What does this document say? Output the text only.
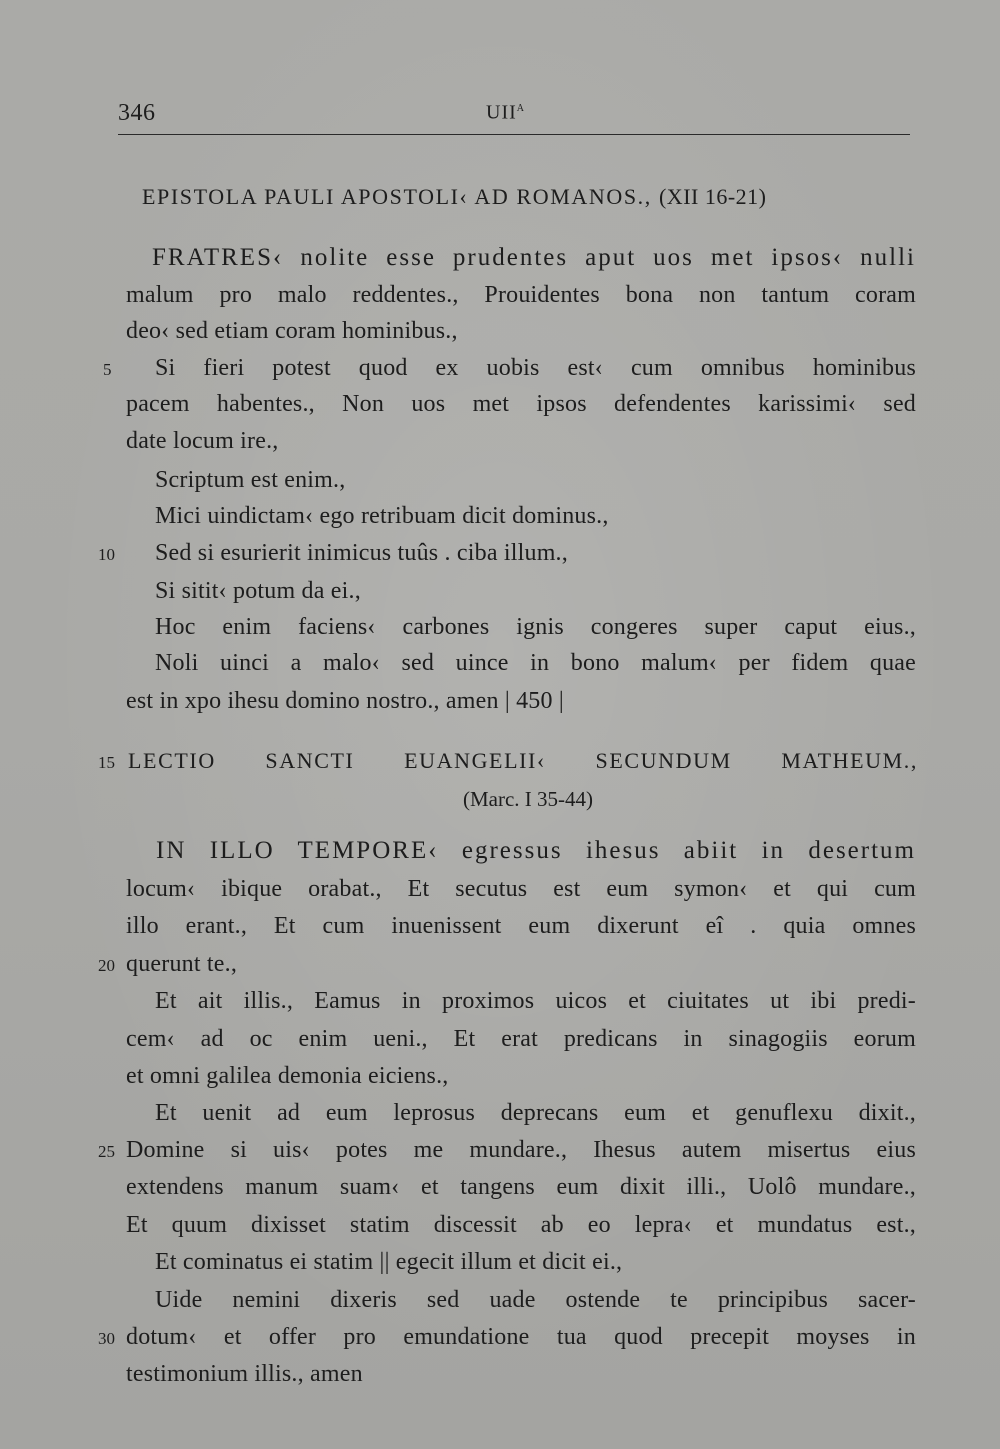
346	UII$^a$
EPISTOLA PAULI APOSTOLI‹ AD ROMANOS., (XII 16-21)
FRATRES‹ nolite esse prudentes aput uos met ipsos‹ nulli
malum pro malo reddentes., Prouidentes bona non tantum coram
deo‹ sed etiam coram hominibus.,
Si fieri potest quod ex uobis est‹ cum omnibus hominibus
pacem habentes., Non uos met ipsos defendentes karissimi‹ sed
date locum ire.,
Scriptum est enim.,
Mici uindictam‹ ego retribuam dicit dominus.,
Sed si esurierit inimicus tuûs . ciba illum.,
Si sitit‹ potum da ei.,
Hoc enim faciens‹ carbones ignis congeres super caput eius.,
Noli uinci a malo‹ sed uince in bono malum‹ per fidem quae
est in xpo ihesu domino nostro., amen | 450 |
LECTIO SANCTI EUANGELII‹ SECUNDUM MATHEUM.,
(Marc. I 35-44)
IN ILLO TEMPORE‹ egressus ihesus abiit in desertum
locum‹ ibique orabat., Et secutus est eum symon‹ et qui cum
illo erant., Et cum inuenissent eum dixerunt eî . quia omnes
querunt te.,
Et ait illis., Eamus in proximos uicos et ciuitates ut ibi predi-
cem‹ ad oc enim ueni., Et erat predicans in sinagogiis eorum
et omni galilea demonia eiciens.,
Et uenit ad eum leprosus deprecans eum et genuflexu dixit.,
Domine si uis‹ potes me mundare., Ihesus autem misertus eius
extendens manum suam‹ et tangens eum dixit illi., Uolô mundare.,
Et quum dixisset statim discessit ab eo lepra‹ et mundatus est.,
Et cominatus ei statim || egecit illum et dicit ei.,
Uide nemini dixeris sed uade ostende te principibus sacer-
dotum‹ et offer pro emundatione tua quod precepit moyses in
testimonium illis., amen
5
10
15
20
25
30
